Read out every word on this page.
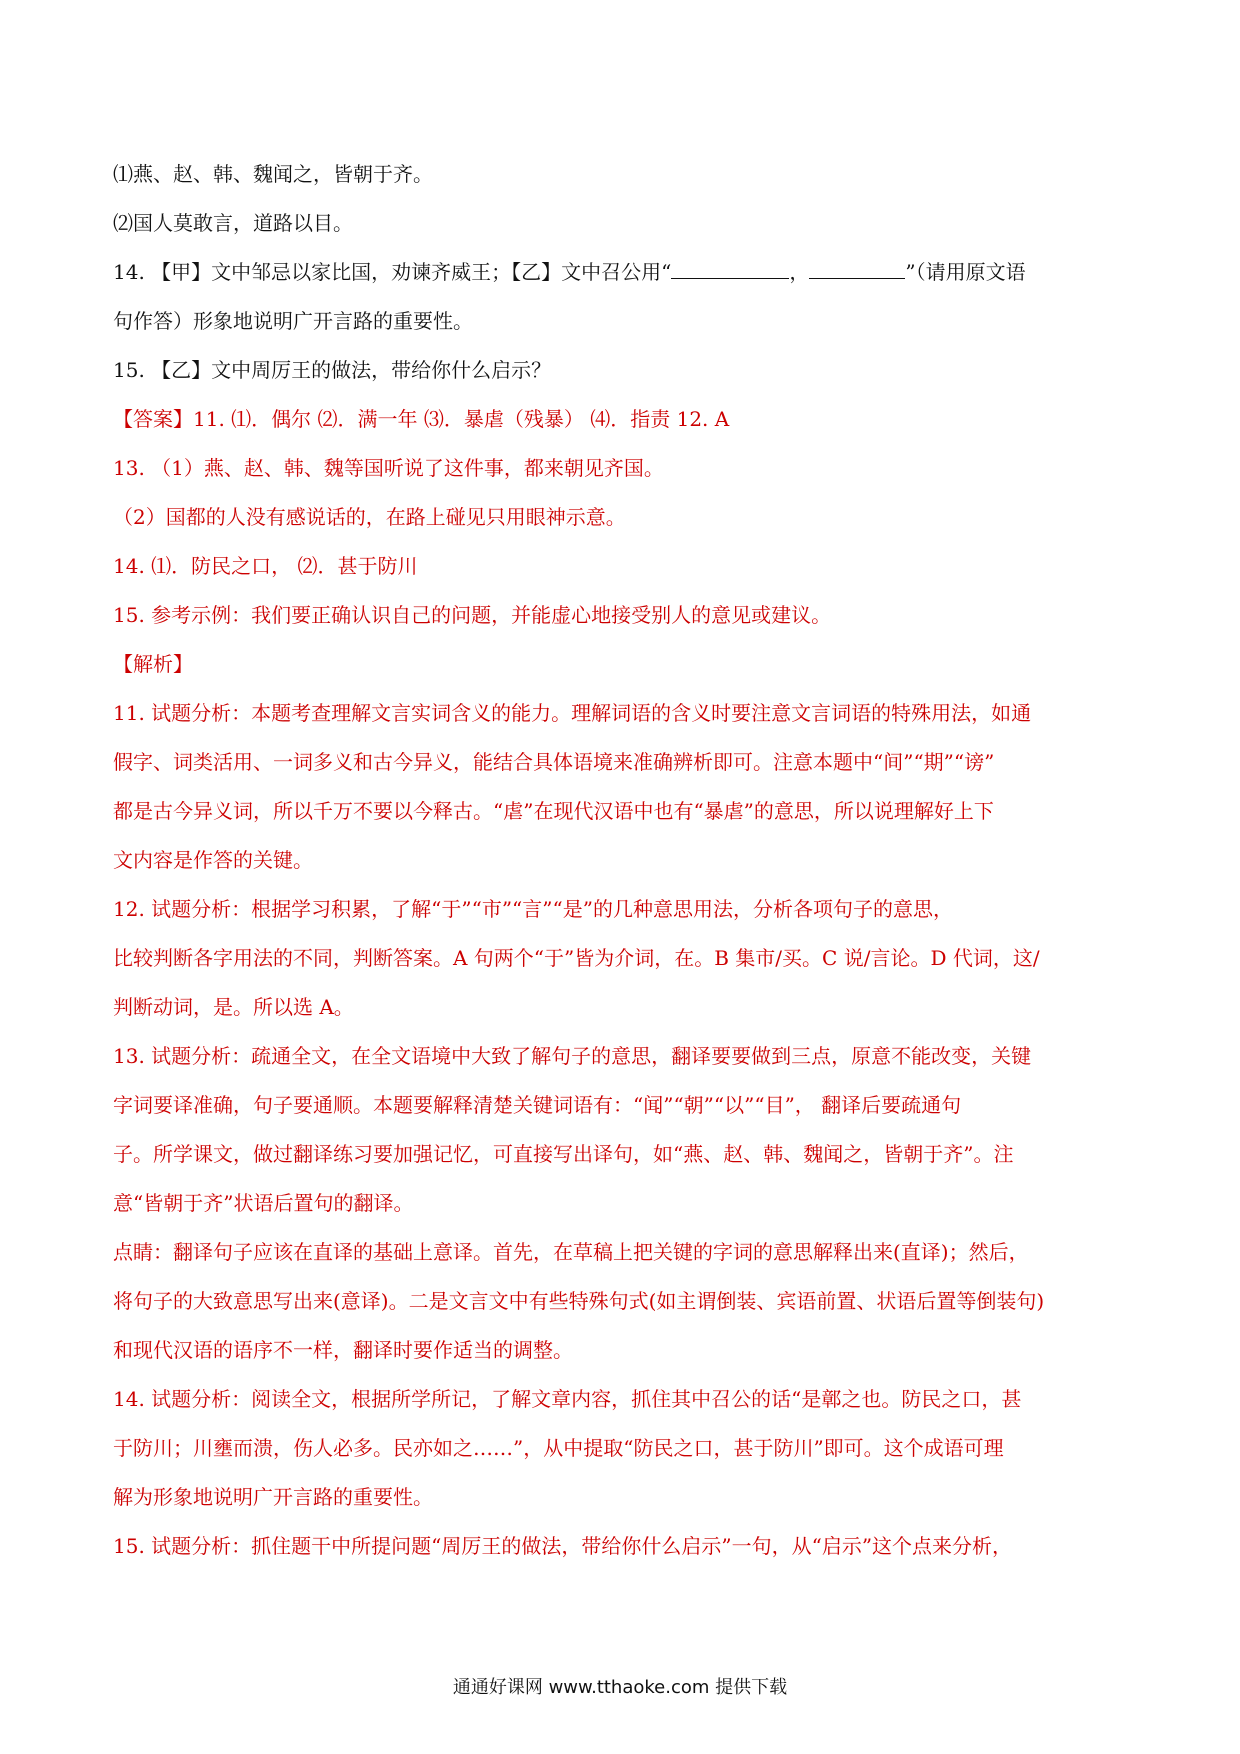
⑴燕、赵、韩、魏闻之，皆朝于齐。
⑵国人莫敢言，道路以目。
14. 【甲】文中邹忌以家比国，劝谏齐威王；【乙】文中召公用“	，	”（请用原文语
句作答）形象地说明广开言路的重要性。
15. 【乙】文中周厉王的做法，带给你什么启示？
【答案】11. ⑴．偶尔 ⑵．满一年 ⑶．暴虐（残暴） ⑷．指责 12. A
13. （1）燕、赵、韩、魏等国听说了这件事，都来朝见齐国。
（2）国都的人没有感说话的，在路上碰见只用眼神示意。
14. ⑴．防民之口， ⑵．甚于防川
15. 参考示例：我们要正确认识自己的问题，并能虚心地接受别人的意见或建议。
【解析】
11. 试题分析：本题考查理解文言实词含义的能力。理解词语的含义时要注意文言词语的特殊用法，如通
假字、词类活用、一词多义和古今异义，能结合具体语境来准确辨析即可。注意本题中“间”“期”“谤”
都是古今异义词，所以千万不要以今释古。“虐”在现代汉语中也有“暴虐”的意思，所以说理解好上下
文内容是作答的关键。
12. 试题分析：根据学习积累，了解“于”“市”“言”“是”的几种意思用法，分析各项句子的意思，
比较判断各字用法的不同，判断答案。A 句两个“于”皆为介词，在。B 集市/买。C 说/言论。D 代词，这/
判断动词，是。所以选 A。
13. 试题分析：疏通全文，在全文语境中大致了解句子的意思，翻译要要做到三点，原意不能改变，关键
字词要译准确，句子要通顺。本题要解释清楚关键词语有：“闻”“朝”“以”“目”， 翻译后要疏通句
子。所学课文，做过翻译练习要加强记忆，可直接写出译句，如“燕、赵、韩、魏闻之，皆朝于齐”。注
意“皆朝于齐”状语后置句的翻译。
点睛：翻译句子应该在直译的基础上意译。首先，在草稿上把关键的字词的意思解释出来(直译)；然后，
将句子的大致意思写出来(意译)。二是文言文中有些特殊句式(如主谓倒装、宾语前置、状语后置等倒装句)
和现代汉语的语序不一样，翻译时要作适当的调整。
14. 试题分析：阅读全文，根据所学所记，了解文章内容，抓住其中召公的话“是鄣之也。防民之口，甚
于防川；川壅而溃，伤人必多。民亦如之……”，从中提取“防民之口，甚于防川”即可。这个成语可理
解为形象地说明广开言路的重要性。
15. 试题分析：抓住题干中所提问题“周厉王的做法，带给你什么启示”一句，从“启示”这个点来分析，
通通好课网 www.tthaoke.com 提供下载
